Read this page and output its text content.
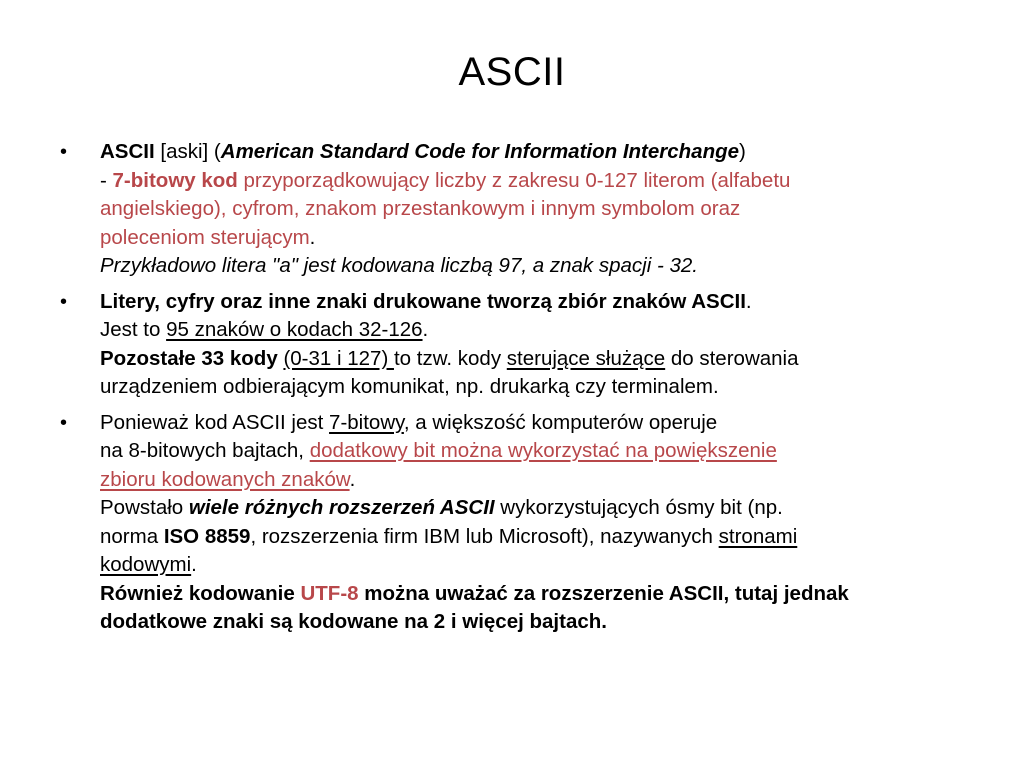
ASCII
• ASCII [aski] (American Standard Code for Information Interchange)
- 7-bitowy kod przyporządkowujący liczby z zakresu 0-127 literom (alfabetu
angielskiego), cyfrom, znakom przestankowym i innym symbolom oraz
poleceniom sterującym.
Przykładowo litera "a" jest kodowana liczbą 97, a znak spacji - 32.
• Litery, cyfry oraz inne znaki drukowane tworzą zbiór znaków ASCII.
Jest to 95 znaków o kodach 32-126.
Pozostałe 33 kody (0-31 i 127) to tzw. kody sterujące służące do sterowania
urządzeniem odbierającym komunikat, np. drukarką czy terminalem.
• Ponieważ kod ASCII jest 7-bitowy, a większość komputerów operuje
na 8-bitowych bajtach, dodatkowy bit można wykorzystać na powiększenie
zbioru kodowanych znaków.
Powstało wiele różnych rozszerzeń ASCII wykorzystujących ósmy bit (np.
norma ISO 8859, rozszerzenia firm IBM lub Microsoft), nazywanych stronami
kodowymi.
Również kodowanie UTF-8 można uważać za rozszerzenie ASCII, tutaj jednak
dodatkowe znaki są kodowane na 2 i więcej bajtach.
